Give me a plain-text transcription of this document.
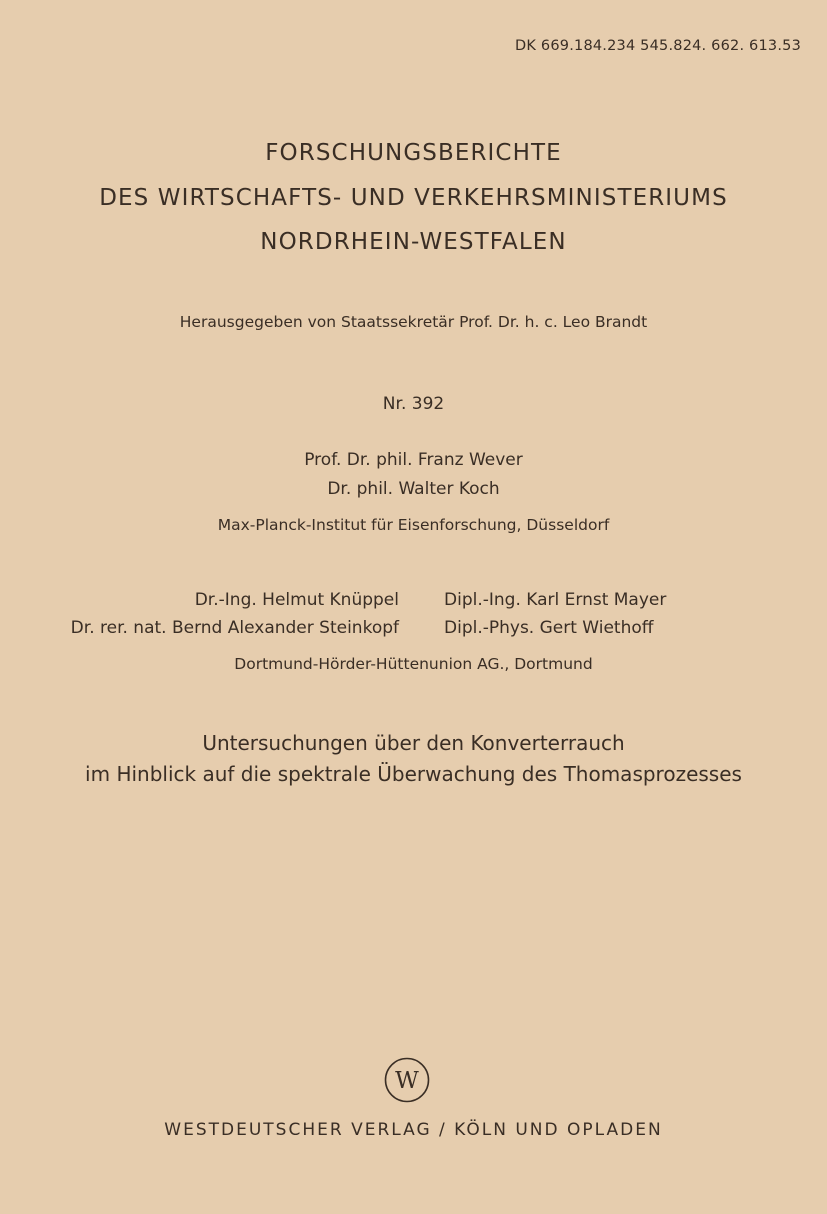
DK 669.184.234 545.824. 662. 613.53
FORSCHUNGSBERICHTE
DES WIRTSCHAFTS- UND VERKEHRSMINISTERIUMS
NORDRHEIN-WESTFALEN
Herausgegeben von Staatssekretär Prof. Dr. h. c. Leo Brandt
Nr. 392
Prof. Dr. phil. Franz Wever
Dr. phil. Walter Koch
Max-Planck-Institut für Eisenforschung, Düsseldorf
Dr.-Ing. Helmut Knüppel	Dipl.-Ing. Karl Ernst Mayer
Dr. rer. nat. Bernd Alexander Steinkopf	Dipl.-Phys. Gert Wiethoff
Dortmund-Hörder-Hüttenunion AG., Dortmund
Untersuchungen über den Konverterrauch
im Hinblick auf die spektrale Überwachung des Thomasprozesses
W
WESTDEUTSCHER VERLAG / KÖLN UND OPLADEN
